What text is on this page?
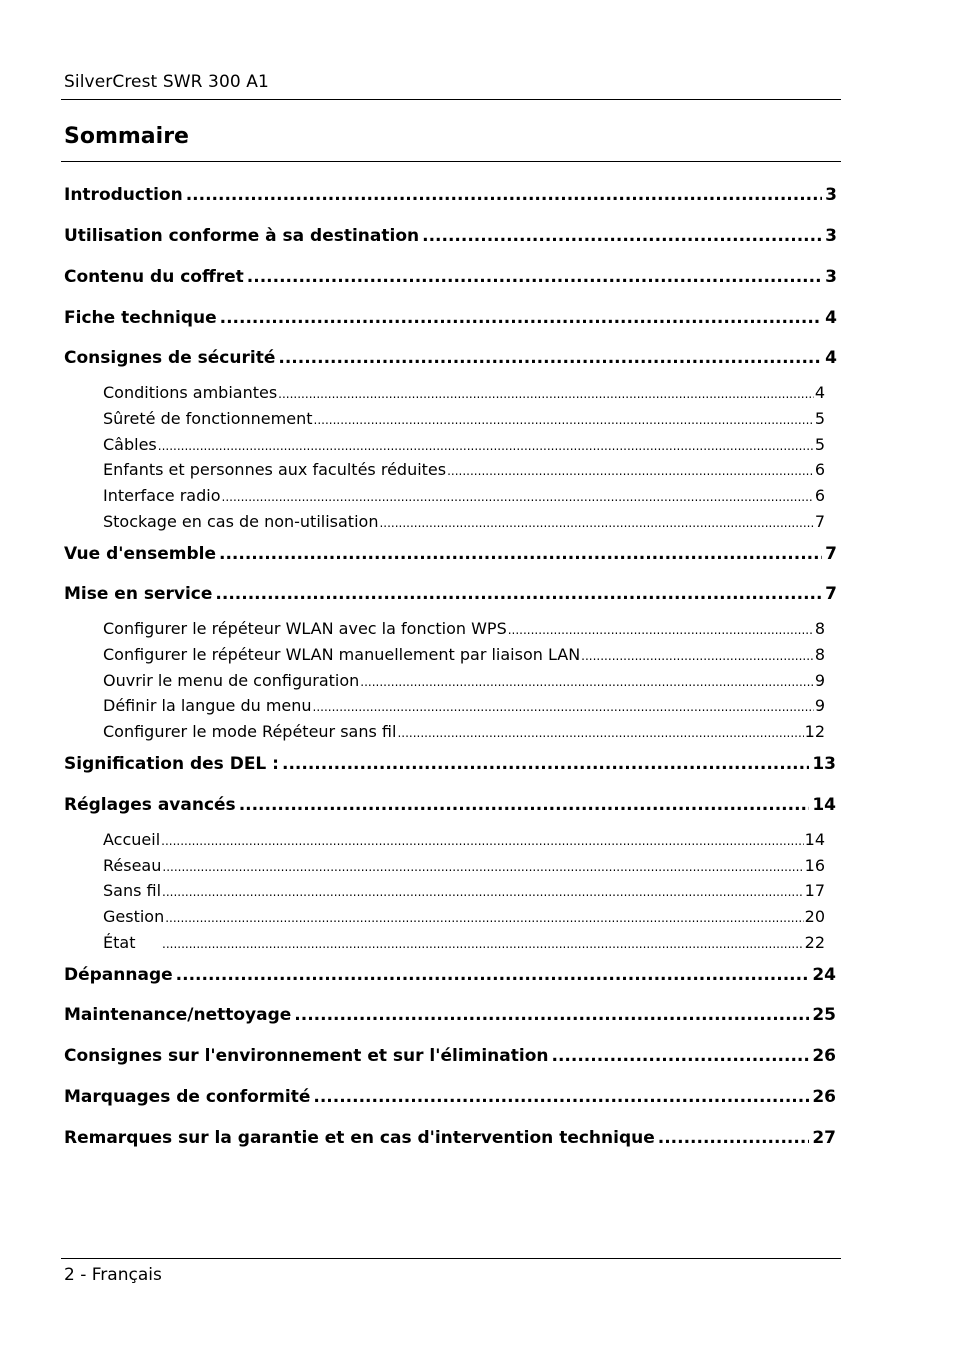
SilverCrest SWR 300 A1
Sommaire
Introduction .....	3
Utilisation conforme à sa destination .....	3
Contenu du coffret .....	3
Fiche technique .....	4
Consignes de sécurité .....	4
Conditions ambiantes .....	4
Sûreté de fonctionnement .....	5
Câbles .....	5
Enfants et personnes aux facultés réduites .....	6
Interface radio .....	6
Stockage en cas de non-utilisation .....	7
Vue d'ensemble .....	7
Mise en service .....	7
Configurer le répéteur WLAN avec la fonction WPS .....	8
Configurer le répéteur WLAN manuellement par liaison LAN .....	8
Ouvrir le menu de configuration .....	9
Définir la langue du menu .....	9
Configurer le mode Répéteur sans fil .....	12
Signification des DEL : .....	13
Réglages avancés .....	14
Accueil .....	14
Réseau .....	16
Sans fil .....	17
Gestion .....	20
État .....	22
Dépannage .....	24
Maintenance/nettoyage .....	25
Consignes sur l'environnement et sur l'élimination .....	26
Marquages de conformité .....	26
Remarques sur la garantie et en cas d'intervention technique .....	27
2 - Français
